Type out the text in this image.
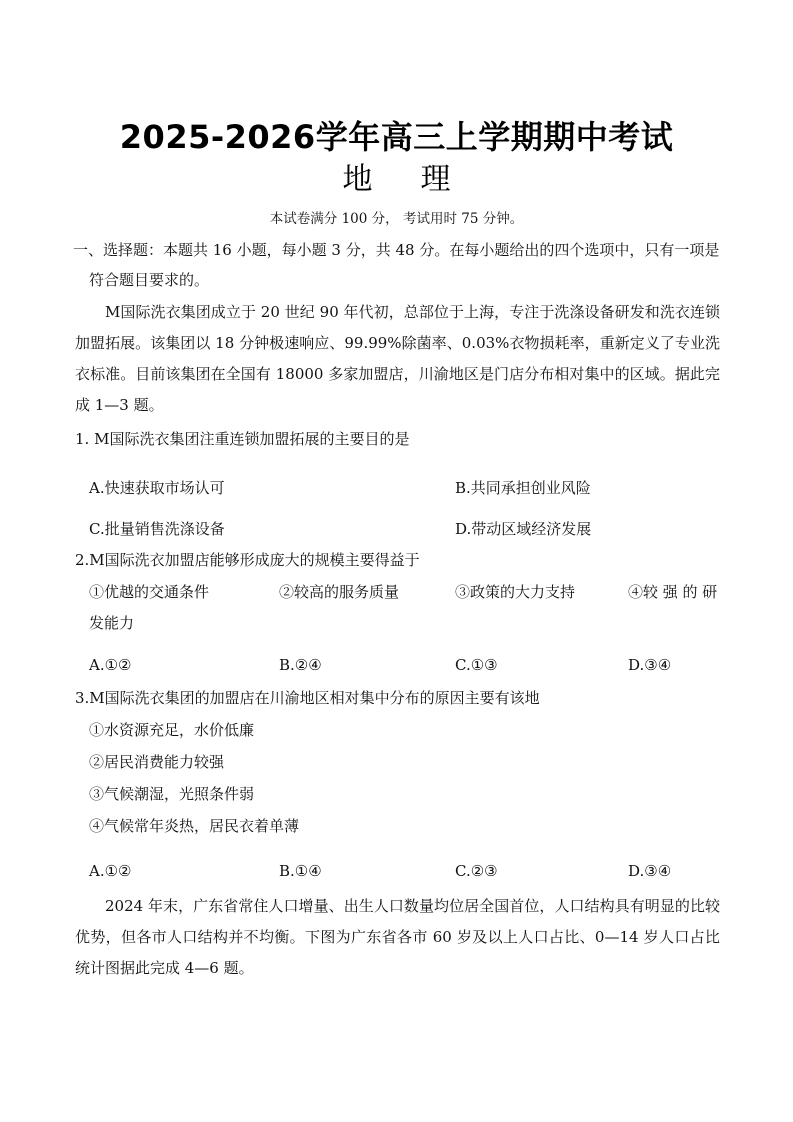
2025-2026学年高三上学期期中考试
地理
本试卷满分 100 分， 考试用时 75 分钟。
一、选择题：本题共 16 小题，每小题 3 分，共 48 分。在每小题给出的四个选项中，只有一项是
符合题目要求的。
M国际洗衣集团成立于 20 世纪 90 年代初，总部位于上海，专注于洗涤设备研发和洗衣连锁加盟拓展。该集团以 18 分钟极速响应、99.99%除菌率、0.03%衣物损耗率，重新定义了专业洗衣标准。目前该集团在全国有 18000 多家加盟店，川渝地区是门店分布相对集中的区域。据此完成 1—3 题。
1. M国际洗衣集团注重连锁加盟拓展的主要目的是
A.快速获取市场认可	B.共同承担创业风险
C.批量销售洗涤设备	D.带动区域经济发展
2.M国际洗衣加盟店能够形成庞大的规模主要得益于
①优越的交通条件	②较高的服务质量	③政策的大力支持	④较 强 的 研
发能力
A.①②	B.②④	C.①③	D.③④
3.M国际洗衣集团的加盟店在川渝地区相对集中分布的原因主要有该地
①水资源充足，水价低廉
②居民消费能力较强
③气候潮湿，光照条件弱
④气候常年炎热，居民衣着单薄
A.①②	B.①④	C.②③	D.③④
2024 年末，广东省常住人口增量、出生人口数量均位居全国首位，人口结构具有明显的比较优势，但各市人口结构并不均衡。下图为广东省各市 60 岁及以上人口占比、0—14 岁人口占比统计图据此完成 4—6 题。
